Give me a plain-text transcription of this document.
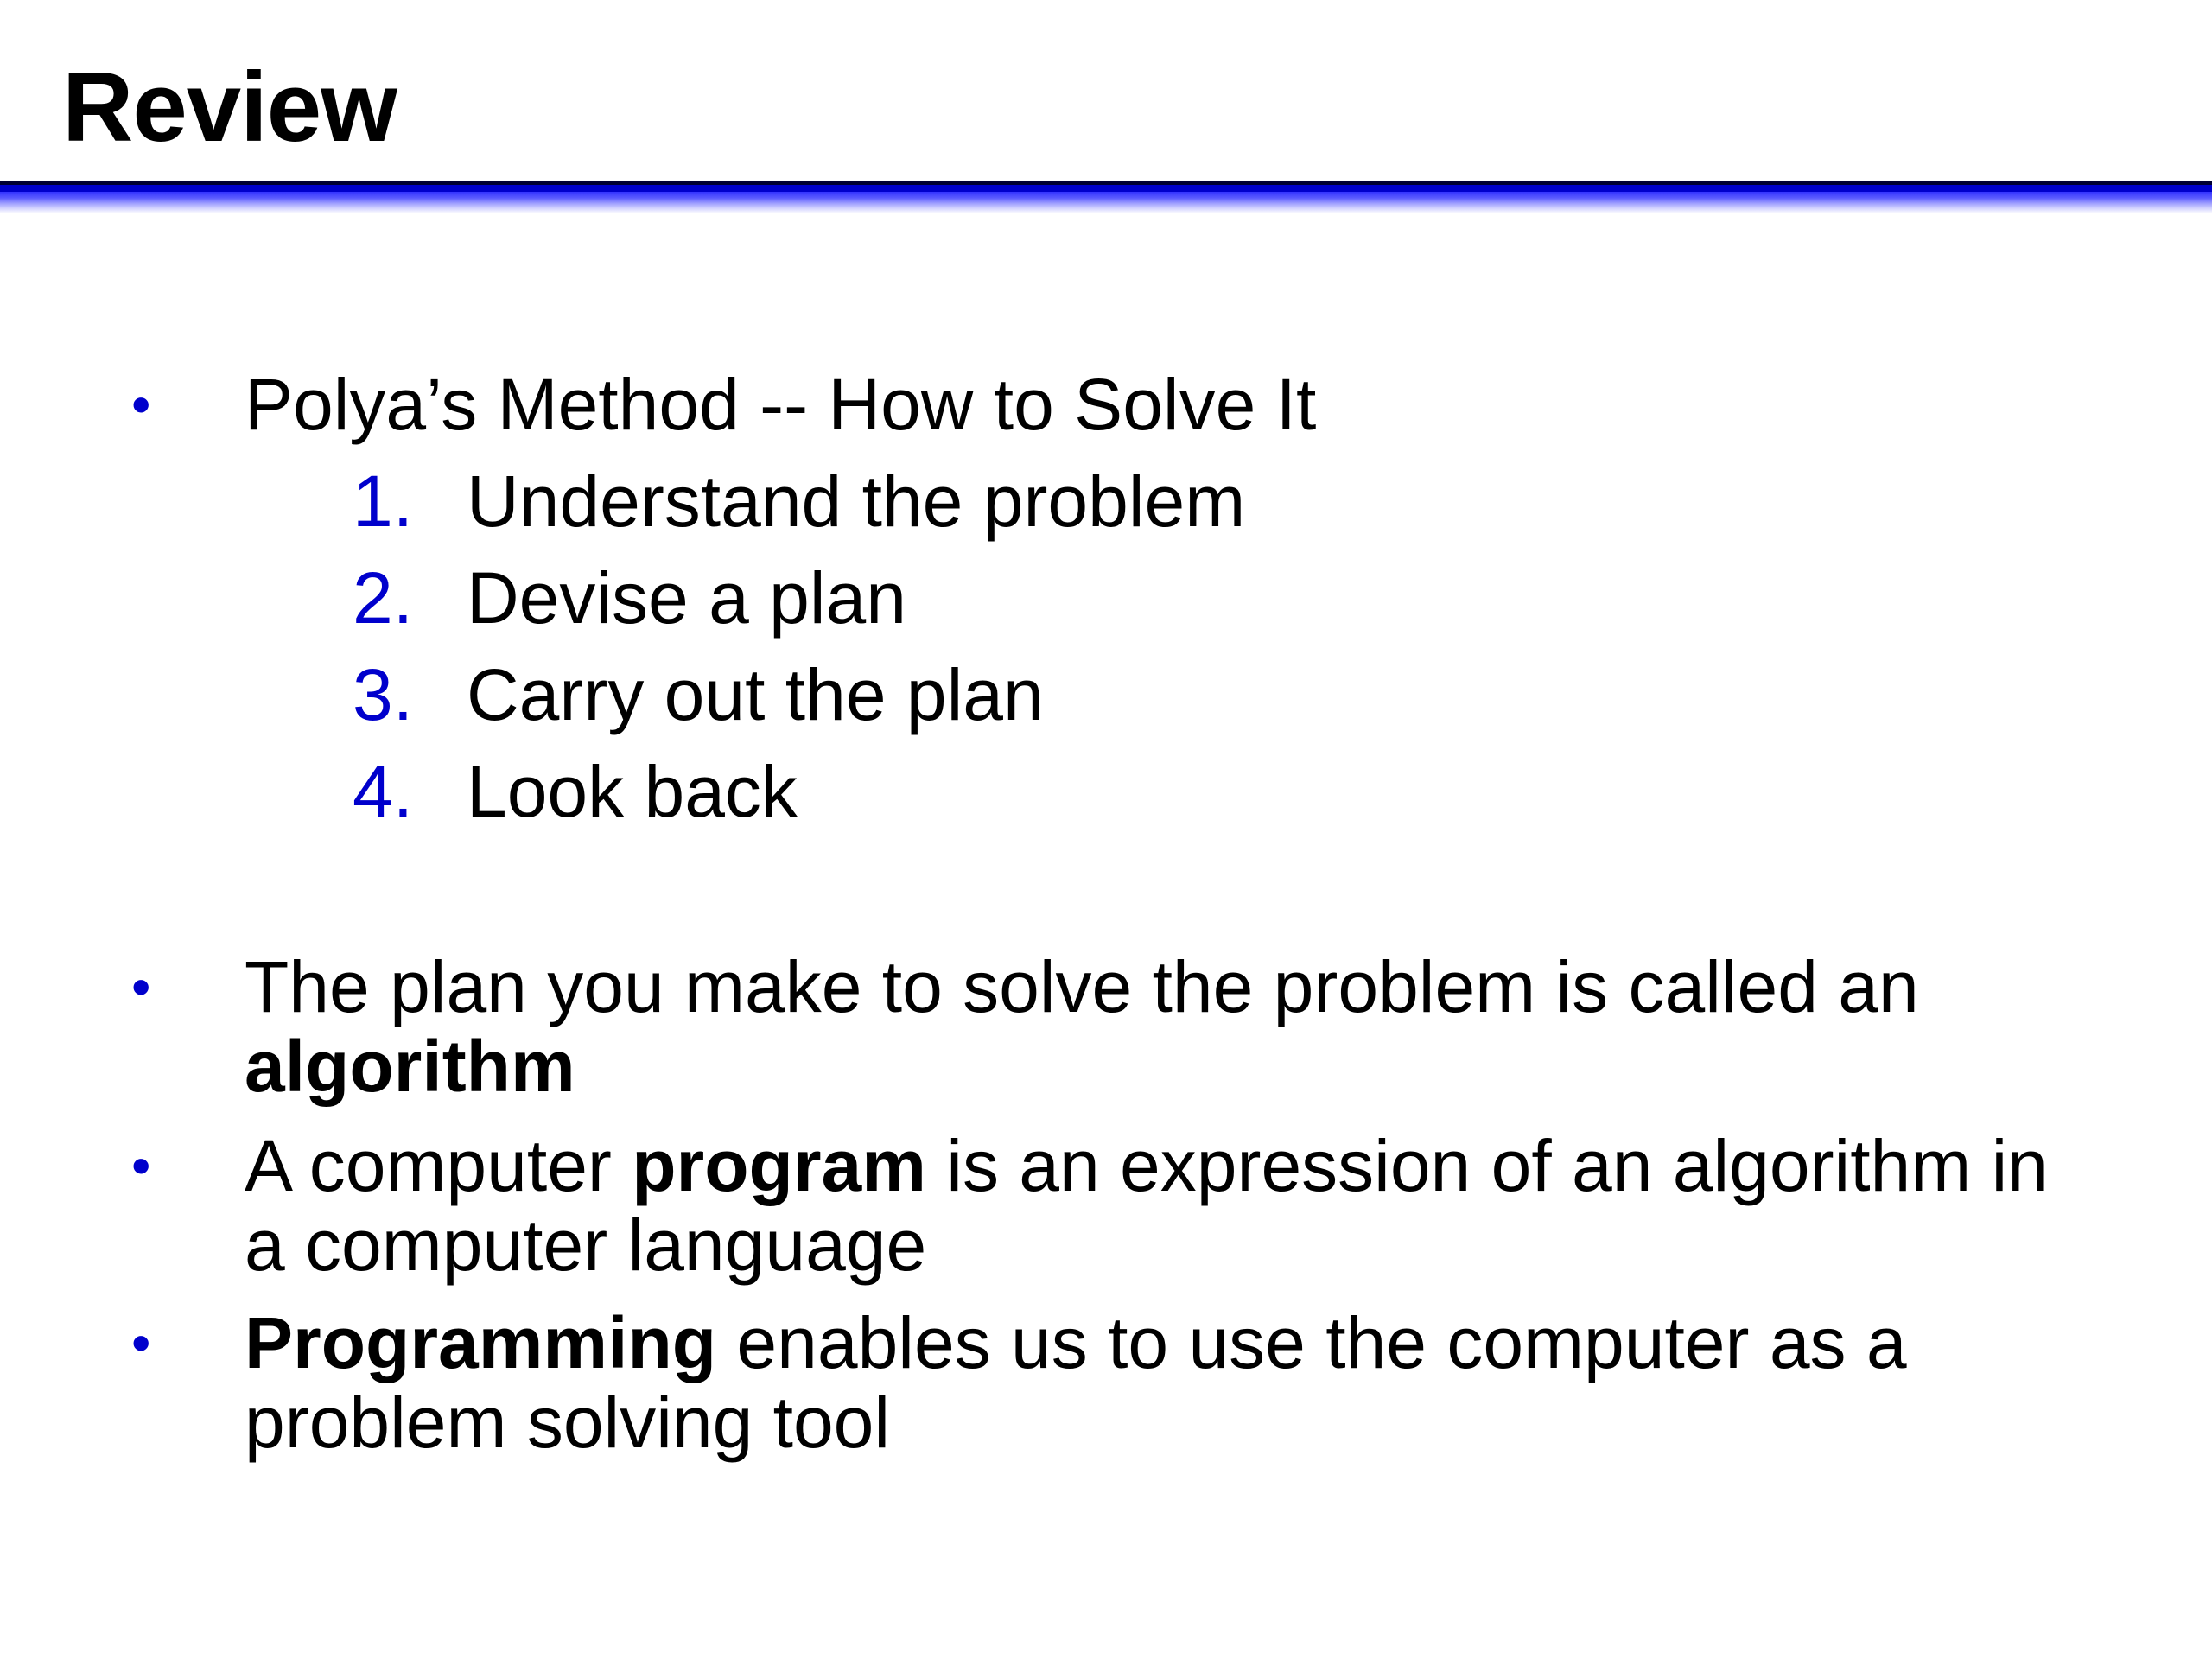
Review
• Polya’s Method -- How to Solve It
1. Understand the problem
2. Devise a plan
3. Carry out the plan
4. Look back
• The plan you make to solve the problem is called an algorithm
• A computer program is an expression of an algorithm in a computer language
• Programming enables us to use the computer as a problem solving tool
